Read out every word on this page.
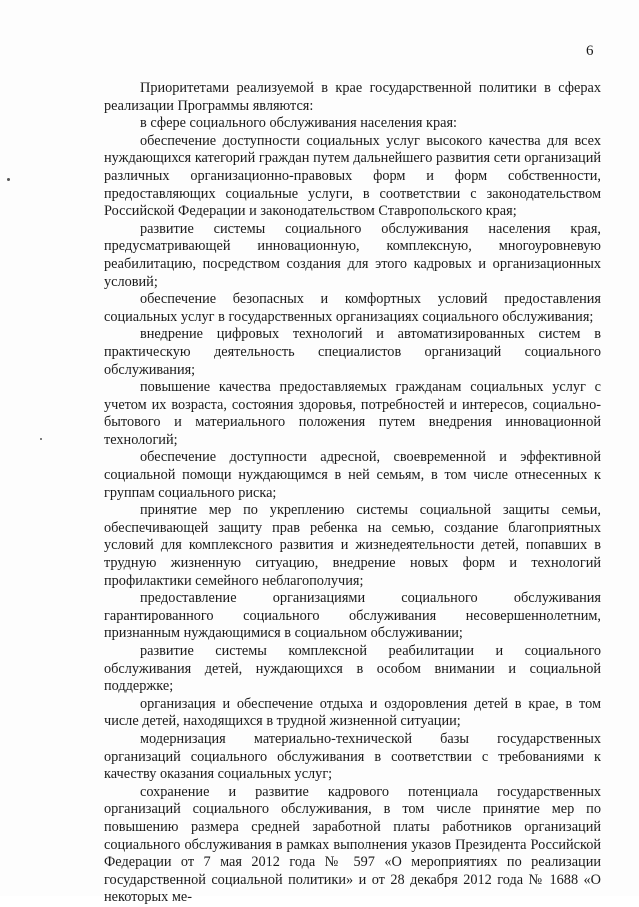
6

Приоритетами реализуемой в крае государственной политики в сферах реализации Программы являются:

в сфере социального обслуживания населения края:

обеспечение доступности социальных услуг высокого качества для всех нуждающихся категорий граждан путем дальнейшего развития сети организаций различных организационно-правовых форм и форм собственности, предоставляющих социальные услуги, в соответствии с законодательством Российской Федерации и законодательством Ставропольского края;

развитие системы социального обслуживания населения края, предусматривающей инновационную, комплексную, многоуровневую реабилитацию, посредством создания для этого кадровых и организационных условий;

обеспечение безопасных и комфортных условий предоставления социальных услуг в государственных организациях социального обслуживания;

внедрение цифровых технологий и автоматизированных систем в практическую деятельность специалистов организаций социального обслуживания;

повышение качества предоставляемых гражданам социальных услуг с учетом их возраста, состояния здоровья, потребностей и интересов, социально-бытового и материального положения путем внедрения инновационной технологий;

обеспечение доступности адресной, своевременной и эффективной социальной помощи нуждающимся в ней семьям, в том числе отнесенных к группам социального риска;

принятие мер по укреплению системы социальной защиты семьи, обеспечивающей защиту прав ребенка на семью, создание благоприятных условий для комплексного развития и жизнедеятельности детей, попавших в трудную жизненную ситуацию, внедрение новых форм и технологий профилактики семейного неблагополучия;

предоставление организациями социального обслуживания гарантированного социального обслуживания несовершеннолетним, признанным нуждающимися в социальном обслуживании;

развитие системы комплексной реабилитации и социального обслуживания детей, нуждающихся в особом внимании и социальной поддержке;

организация и обеспечение отдыха и оздоровления детей в крае, в том числе детей, находящихся в трудной жизненной ситуации;

модернизация материально-технической базы государственных организаций социального обслуживания в соответствии с требованиями к качеству оказания социальных услуг;

сохранение и развитие кадрового потенциала государственных организаций социального обслуживания, в том числе принятие мер по повышению размера средней заработной платы работников организаций социального обслуживания в рамках выполнения указов Президента Российской Федерации от 7 мая 2012 года № 597 «О мероприятиях по реализации государственной социальной политики» и от 28 декабря 2012 года № 1688 «О некоторых ме-
